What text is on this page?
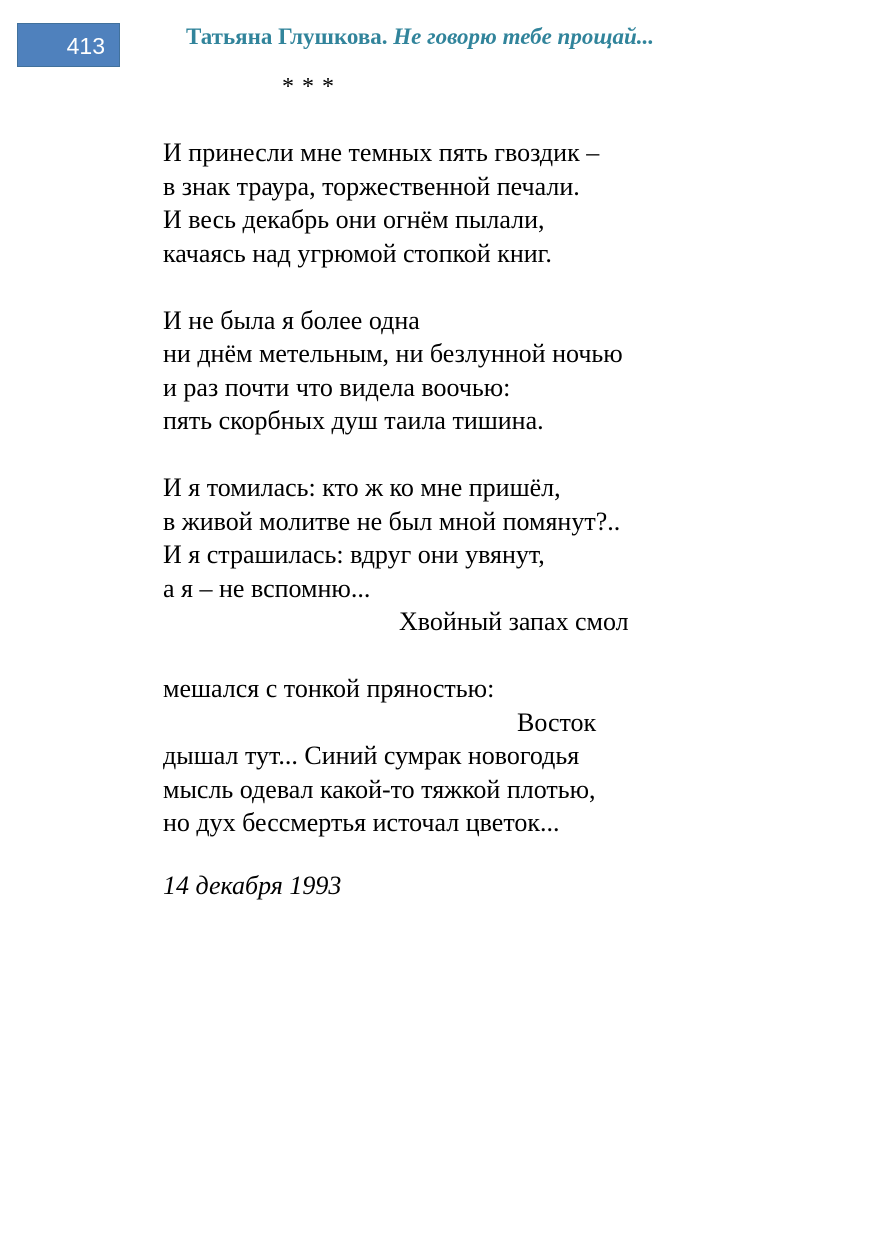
413	Татьяна Глушкова. Не говорю тебе прощай...
* * *
И принесли мне темных пять гвоздик –
в знак траура, торжественной печали.
И весь декабрь они огнём пылали,
качаясь над угрюмой стопкой книг.
И не была я более одна
ни днём метельным, ни безлунной ночью
и раз почти что видела воочью:
пять скорбных душ таила тишина.
И я томилась: кто ж ко мне пришёл,
в живой молитве не был мной помянут?..
И я страшилась: вдруг они увянут,
а я – не вспомню...
Хвойный запах смол
мешался с тонкой пряностью:
Восток
дышал тут... Синий сумрак новогодья
мысль одевал какой-то тяжкой плотью,
но дух бессмертья источал цветок...
14 декабря 1993
